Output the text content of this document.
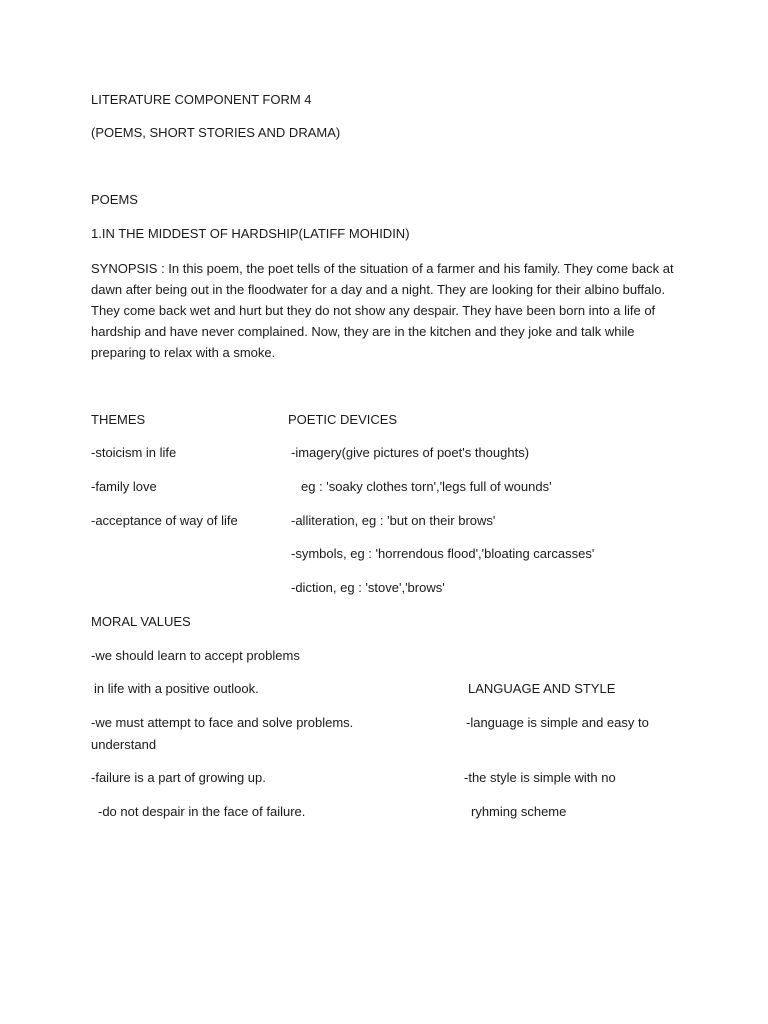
LITERATURE COMPONENT FORM 4
(POEMS, SHORT STORIES AND DRAMA)
POEMS
1.IN THE MIDDEST OF HARDSHIP(LATIFF MOHIDIN)
SYNOPSIS : In this poem, the poet tells of the situation of a farmer and his family. They come back at dawn after being out in the floodwater for a day and a night. They are looking for their albino buffalo. They come back wet and hurt but they do not show any despair. They have been born into a life of hardship and have never complained. Now, they are in the kitchen and they joke and talk while preparing to relax with a smoke.
THEMES
-stoicism in life
-family love
-acceptance of way of life
POETIC DEVICES
-imagery(give pictures of poet's thoughts)
eg : 'soaky clothes torn','legs full of wounds'
-alliteration, eg : 'but on their brows'
-symbols, eg : 'horrendous flood','bloating carcasses'
-diction, eg : 'stove','brows'
MORAL VALUES
-we should learn to accept problems
in life with a positive outlook.
-we must attempt to face and solve problems.
understand
-failure is a part of growing up.
-do not despair in the face of failure.
LANGUAGE AND STYLE
-language is simple and easy to
-the style is simple with no
ryhming scheme
